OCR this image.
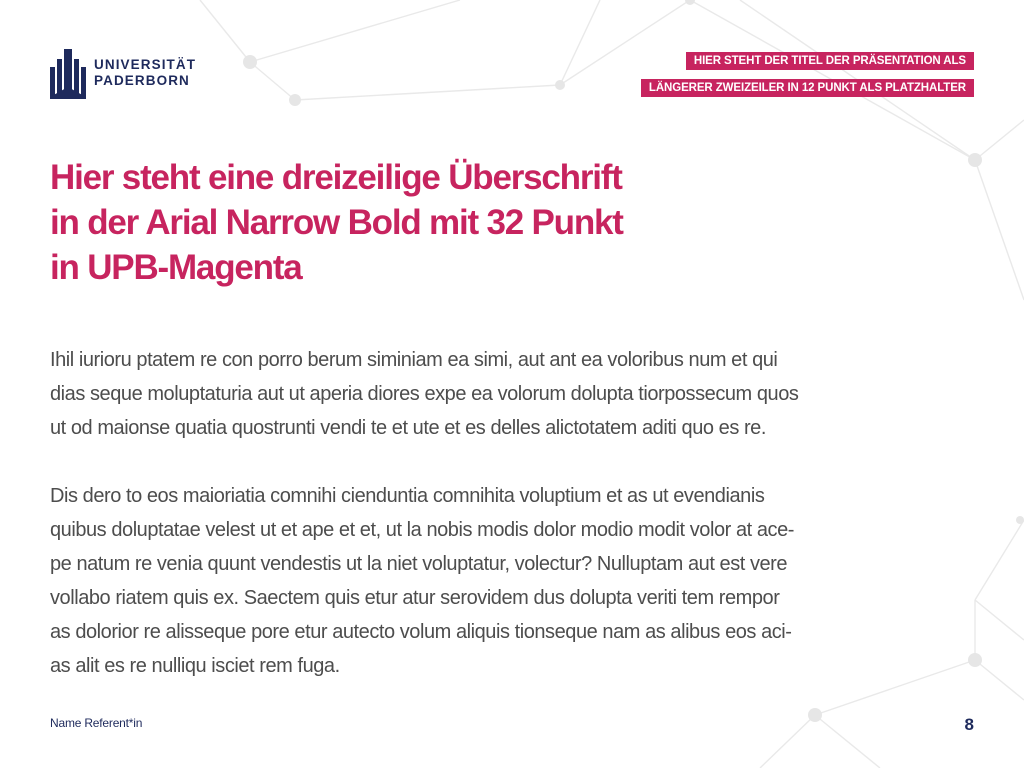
UNIVERSITÄT
PADERBORN
HIER STEHT DER TITEL DER PRÄSENTATION ALS
LÄNGERER ZWEIZEILER IN 12 PUNKT ALS PLATZHALTER
Hier steht eine dreizeilige Überschrift
in der Arial Narrow Bold mit 32 Punkt
in UPB-Magenta
Ihil iurioru ptatem re con porro berum siminiam ea simi, aut ant ea voloribus num et qui
dias seque moluptaturia aut ut aperia diores expe ea volorum dolupta tiorpossecum quos
ut od maionse quatia quostrunti vendi te et ute et es delles alictotatem aditi quo es re.
Dis dero to eos maioriatia comnihi cienduntia comnihita voluptium et as ut evendianis
quibus doluptatae velest ut et ape et et, ut la nobis modis dolor modio modit volor at ace-
pe natum re venia quunt vendestis ut la niet voluptatur, volectur? Nulluptam aut est vere
vollabo riatem quis ex. Saectem quis etur atur serovidem dus dolupta veriti tem rempor
as dolorior re alisseque pore etur autecto volum aliquis tionseque nam as alibus eos aci-
as alit es re nulliqu isciet rem fuga.
Name Referent*in	8
